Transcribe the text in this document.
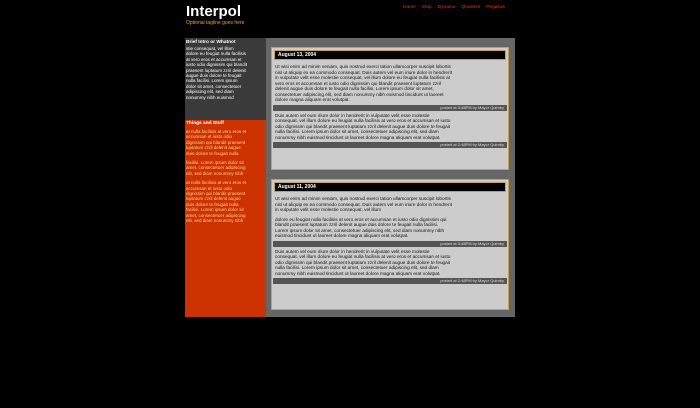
Interpol
Optional tagline goes here
Home Stop Dynamo Quarters Pegasus
Brief Intro or Whatnot
stie consequat, vel illum
dolore eu feugiat nulla facilisis
at vero eros et accumsan et
iusto odio dignissim qui blandit
praesent luptatum zzril delenit
augue duis dolore te feugait
nulla facilisi. Lorem ipsum
dolor sit amet, consectetuer
adipiscing elit, sed diam
nonummy nibh euismod
Things and Stuff
at nulla facilisis at vero eros et
accumsan et iusto odio
dignissim qui blandit praesent
luptatum zzril delenit augue
duis dolore te feugait nulla
facilisi. Lorem ipsum dolor sit
amet, consectetuer adipiscing
elit, sed diam nonummy nibh
at nulla facilisis at vero eros et
accumsan et iusto odio
dignissim qui blandit praesent
luptatum zzril delenit augue
duis dolore te feugait nulla
facilisi. Lorem ipsum dolor sit
amet, consectetuer adipiscing
elit, sed diam nonummy nibh
August 13, 2004
Ut wisi enim ad minim veniam, quis nostrud exerci tation ullamcorper suscipit lobortis
nisl ut aliquip ex ea commodo consequat. Duis autem vel eum iriure dolor in hendrerit
in vulputate velit esse molestie consequat, vel illum dolore eu feugiat nulla facilisis at
vero eros et accumsan et iusto odio dignissim qui blandit praesent luptatum zzril
delenit augue duis dolore te feugait nulla facilisi. Lorem ipsum dolor sit amet,
consectetuer adipiscing elit, sed diam nonummy nibh euismod tincidunt ut laoreet
dolore magna aliquam erat volutpat.
posted at 3:48PM by Mayor Quimby
Duis autem vel eum iriure dolor in hendrerit in vulputate velit esse molestie
consequat, vel illum dolore eu feugiat nulla facilisis at vero eros et accumsan et iusto
odio dignissim qui blandit praesent luptatum zzril delenit augue duis dolore te feugait
nulla facilisi. Lorem ipsum dolor sit amet, consectetuer adipiscing elit, sed diam
nonummy nibh euismod tincidunt ut laoreet dolore magna aliquam erat volutpat.
posted at 2:48PM by Mayor Quimby
August 11, 2004
Ut wisi enim ad minim veniam, quis nostrud exerci tation ullamcorper suscipit lobortis
nisl ut aliquip ex ea commodo consequat. Duis autem vel eum iriure dolor in hendrerit
in vulputate velit esse molestie consequat, vel illum
dolore eu feugiat nulla facilisis at vero eros et accumsan et iusto odio dignissim qui
blandit praesent luptatum zzril delenit augue duis dolore te feugait nulla facilisi.
Lorem ipsum dolor sit amet, consectetuer adipiscing elit, sed diam nonummy nibh
euismod tincidunt ut laoreet dolore magna aliquam erat volutpat.
posted at 3:48PM by Mayor Quimby
Duis autem vel eum iriure dolor in hendrerit in vulputate velit esse molestie
consequat, vel illum dolore eu feugiat nulla facilisis at vero eros et accumsan et iusto
odio dignissim qui blandit praesent luptatum zzril delenit augue duis dolore te feugait
nulla facilisi. Lorem ipsum dolor sit amet, consectetuer adipiscing elit, sed diam
nonummy nibh euismod tincidunt ut laoreet dolore magna aliquam erat volutpat.
posted at 2:48PM by Mayor Quimby
